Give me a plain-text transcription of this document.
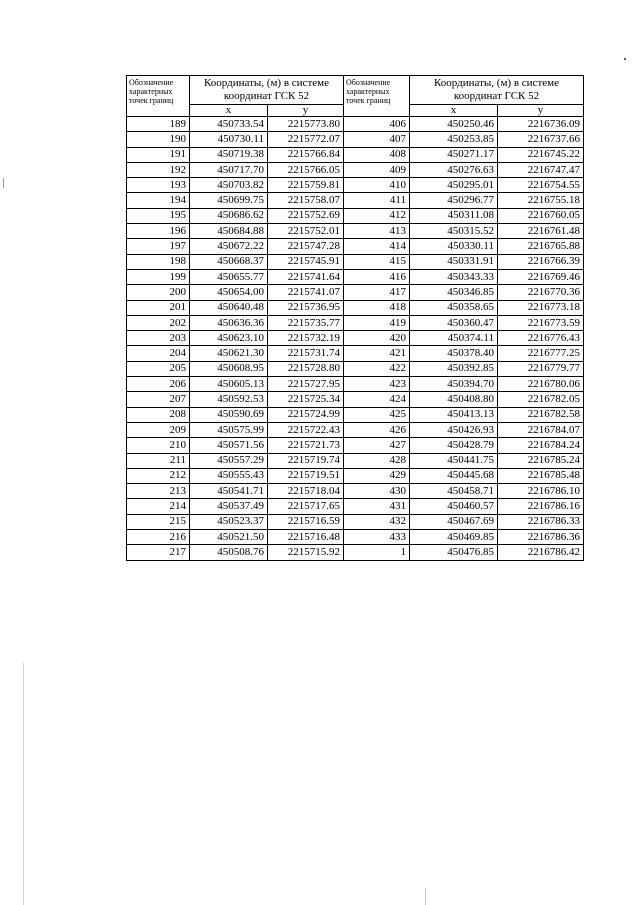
Обозначение характерных точек границ	Координаты, (м) в системе координат ГСК 52		Обозначение характерных точек границ	Координаты, (м) в системе координат ГСК 52	
	x	y		x	y
189	450733.54	2215773.80	406	450250.46	2216736.09
190	450730.11	2215772.07	407	450253.85	2216737.66
191	450719.38	2215766.84	408	450271.17	2216745.22
192	450717.70	2215766.05	409	450276.63	2216747.47
193	450703.82	2215759.81	410	450295.01	2216754.55
194	450699.75	2215758.07	411	450296.77	2216755.18
195	450686.62	2215752.69	412	450311.08	2216760.05
196	450684.88	2215752.01	413	450315.52	2216761.48
197	450672.22	2215747.28	414	450330.11	2216765.88
198	450668.37	2215745.91	415	450331.91	2216766.39
199	450655.77	2215741.64	416	450343.33	2216769.46
200	450654.00	2215741.07	417	450346.85	2216770.36
201	450640.48	2215736.95	418	450358.65	2216773.18
202	450636.36	2215735.77	419	450360.47	2216773.59
203	450623.10	2215732.19	420	450374.11	2216776.43
204	450621.30	2215731.74	421	450378.40	2216777.25
205	450608.95	2215728.80	422	450392.85	2216779.77
206	450605.13	2215727.95	423	450394.70	2216780.06
207	450592.53	2215725.34	424	450408.80	2216782.05
208	450590.69	2215724.99	425	450413.13	2216782.58
209	450575.99	2215722.43	426	450426.93	2216784.07
210	450571.56	2215721.73	427	450428.79	2216784.24
211	450557.29	2215719.74	428	450441.75	2216785.24
212	450555.43	2215719.51	429	450445.68	2216785.48
213	450541.71	2215718.04	430	450458.71	2216786.10
214	450537.49	2215717.65	431	450460.57	2216786.16
215	450523.37	2215716.59	432	450467.69	2216786.33
216	450521.50	2215716.48	433	450469.85	2216786.36
217	450508.76	2215715.92	1	450476.85	2216786.42
